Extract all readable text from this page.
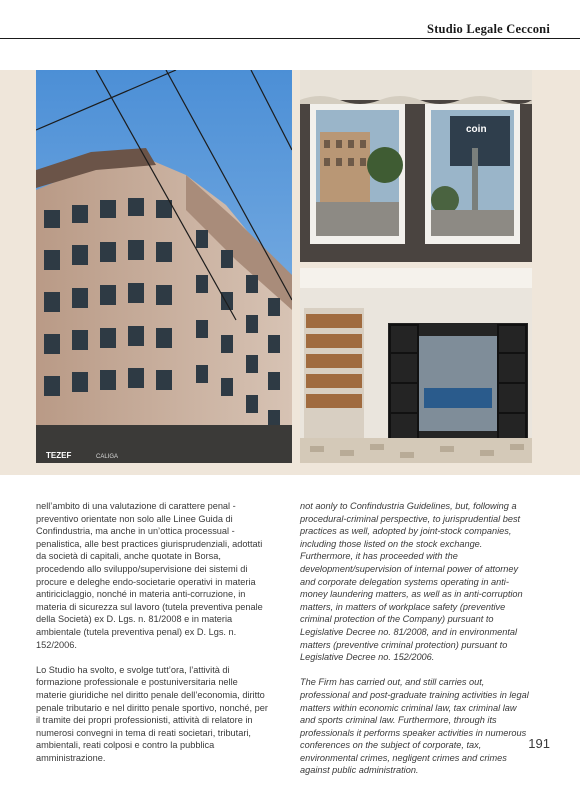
Studio Legale Cecconi
TEZEF	CALIGA
coin

nell’ambito di una valutazione di carattere penal - preventivo orientate non solo alle Linee Guida di Confindustria, ma anche in un’ottica processual - penalistica, alle best practices giurisprudenziali, adottati da società di capitali, anche quotate in Borsa, procedendo allo sviluppo/supervisione dei sistemi di procure e deleghe endo-societarie operativi in materia antiriciclaggio, nonché in materia anti-corruzione, in materia di sicurezza sul lavoro (tutela preventiva penale della Società) ex D. Lgs. n. 81/2008 e in materia ambientale (tutela preventiva penal) ex D. Lgs. n. 152/2006.

Lo Studio ha svolto, e svolge tutt’ora, l’attività di formazione professionale e postuniversitaria nelle materie giuridiche nel diritto penale dell’economia, diritto penale tributario e nel diritto penale sportivo, nonché, per il tramite dei propri professionisti, attività di relatore in numerosi convegni in tema di reati societari, tributari, ambientali, reati colposi e contro la pubblica amministrazione.

not aonly to Confindustria Guidelines, but, following a procedural-criminal perspective, to jurisprudential best practices as well, adopted by joint-stock companies, including those listed on the stock exchange. Furthermore, it has proceeded with the development/supervision of internal power of attorney and corporate delegation systems operating in anti-money laundering matters, as well as in anti-corruption matters, in matters of workplace safety (preventive criminal protection of the Company) pursuant to Legislative Decree no. 81/2008, and in environmental matters (preventive criminal protection) pursuant to Legislative Decree no. 152/2006.

The Firm has carried out, and still carries out, professional and post-graduate training activities in legal matters within economic criminal law, tax criminal law and sports criminal law. Furthermore, through its professionals it performs speaker activities in numerous conferences on the subject of corporate, tax, environmental crimes, negligent crimes and crimes against public administration.

191
